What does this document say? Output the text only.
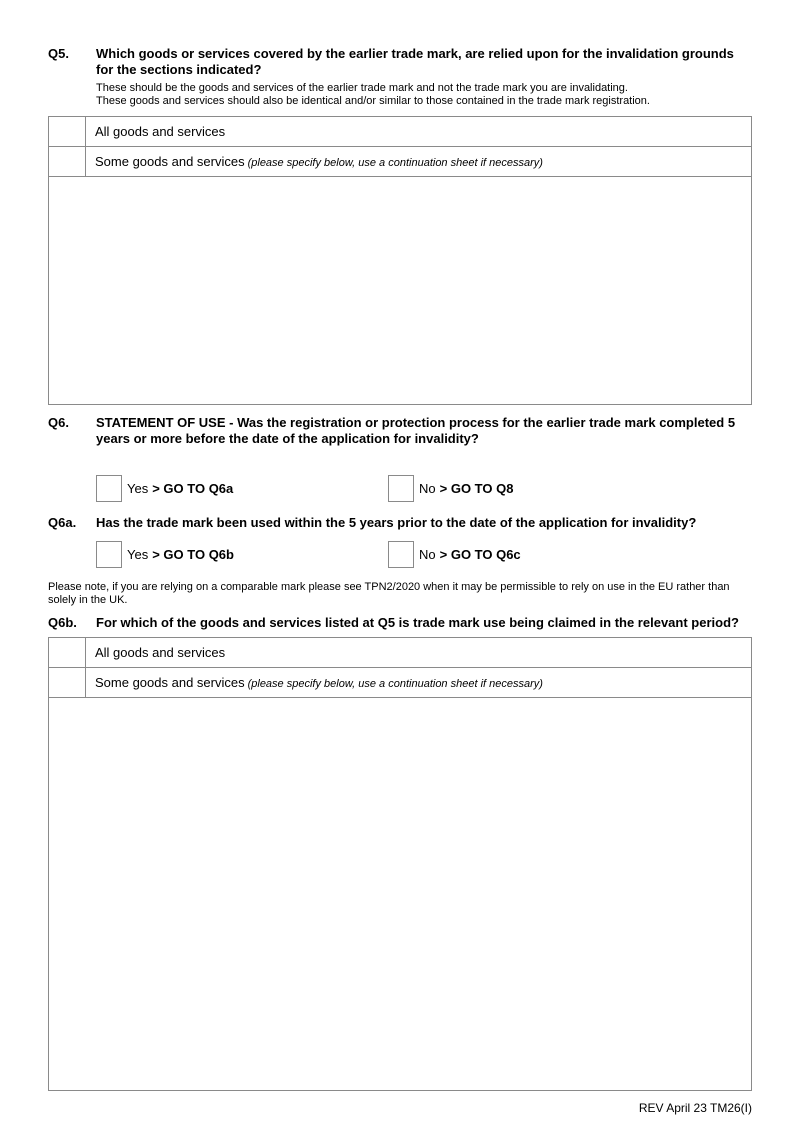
Q5.	Which goods or services covered by the earlier trade mark, are relied upon for the invalidation grounds for the sections indicated?
These should be the goods and services of the earlier trade mark and not the trade mark you are invalidating.
These goods and services should also be identical and/or similar to those contained in the trade mark registration.
All goods and services
Some goods and services (please specify below, use a continuation sheet if necessary)
Q6.	STATEMENT OF USE - Was the registration or protection process for the earlier trade mark completed 5 years or more before the date of the application for invalidity?
Yes > GO TO Q6a	No > GO TO Q8
Q6a.	Has the trade mark been used within the 5 years prior to the date of the application for invalidity?
Yes > GO TO Q6b	No > GO TO Q6c
Please note, if you are relying on a comparable mark please see TPN2/2020 when it may be permissible to rely on use in the EU rather than solely in the UK.
Q6b.	For which of the goods and services listed at Q5 is trade mark use being claimed in the relevant period?
All goods and services
Some goods and services (please specify below, use a continuation sheet if necessary)
REV April 23 TM26(I)
